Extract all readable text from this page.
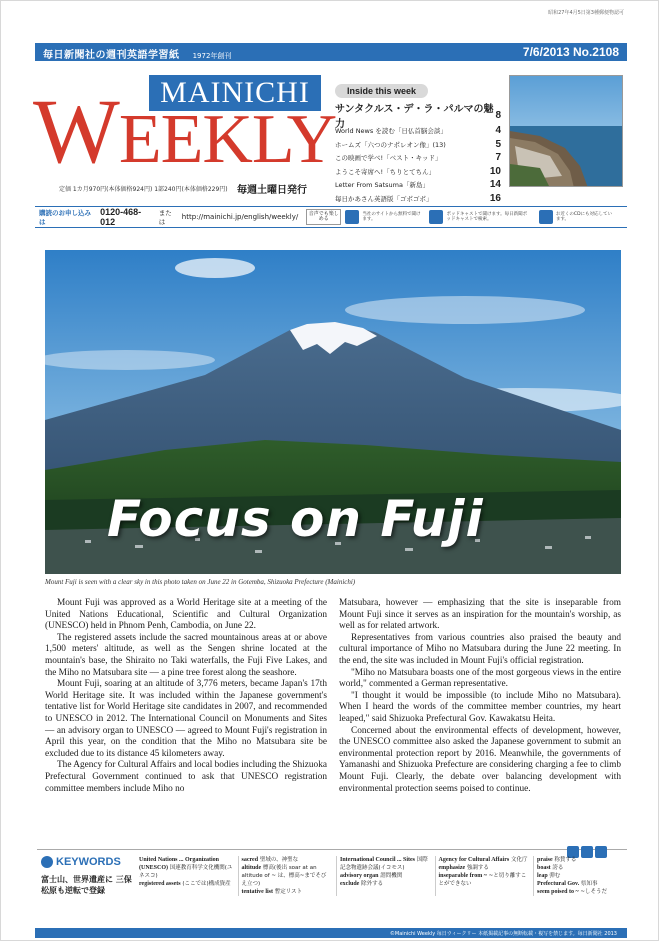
昭和27年4月5日第3種郵便物認可
毎日新聞社の週刊英語学習紙 1972年創刊	7/6/2013 No.2108
MAINICHI
WEEKLY
定価 1カ月970円(本体価格924円) 1部240円(本体価格229円) 毎週土曜日発行
Inside this week
サンタクルス・デ・ラ・パルマの魅力
8
World News を読む「日仏首脳会談」	4
ホームズ「六つのナポレオン像」(13)	5
この映画で学べ!「ベスト・キッド」	7
ようこそ寄席へ!「ちりとてちん」	10
Letter From Satsuma「新島」	14
毎日かあさん英語版「ゴボゴボ」	16
購読のお申し込みは
0120-468-012
または
http://mainichi.jp/english/weekly/	音声でも楽しめる
当社のサイトから無料で聞けます。
ポッドキャストで聞けます。毎日新聞ポッドキャストで検索。
お近くのCDにも対応しています。
Focus on Fuji
Mount Fuji is seen with a clear sky in this photo taken on June 22 in Gotemba, Shizuoka Prefecture (Mainichi)

Mount Fuji was approved as a World Heritage site at a meeting of the United Nations Educational, Scientific and Cultural Organization (UNESCO) held in Phnom Penh, Cambodia, on June 22.

The registered assets include the sacred mountainous areas at or above 1,500 meters' altitude, as well as the Sengen shrine located at the mountain's base, the Shiraito no Taki waterfalls, the Fuji Five Lakes, and the Miho no Matsubara site — a pine tree forest along the seashore.

Mount Fuji, soaring at an altitude of 3,776 meters, became Japan's 17th World Heritage site. It was included within the Japanese government's tentative list for World Heritage site candidates in 2007, and recommended to UNESCO in 2012. The International Council on Monuments and Sites — an advisory organ to UNESCO — agreed to Mount Fuji's registration in April this year, on the condition that the Miho no Matsubara site be excluded due to its distance 45 kilometers away.

The Agency for Cultural Affairs and local bodies including the Shizuoka Prefectural Government continued to ask that UNESCO registration committee members include Miho no

Matsubara, however — emphasizing that the site is inseparable from Mount Fuji since it serves as an inspiration for the mountain's worship, as well as for related artwork.

Representatives from various countries also praised the beauty and cultural importance of Miho no Matsubara during the June 22 meeting. In the end, the site was included in Mount Fuji's official registration.

"Miho no Matsubara boasts one of the most gorgeous views in the entire world," commented a German representative.

"I thought it would be impossible (to include Miho no Matsubara). When I heard the words of the committee member countries, my heart leaped," said Shizuoka Prefectural Gov. Kawakatsu Heita.

Concerned about the environmental effects of development, however, the UNESCO committee also asked the Japanese government to submit an environmental protection report by 2016. Meanwhile, the governments of Yamanashi and Shizuoka Prefecture are considering charging a fee to climb Mount Fuji. Clearly, the debate over balancing development with environmental protection seems poised to continue.

KEYWORDS
富士山、世界遺産に 三保松原も逆転で登録
United Nations ... Organization (UNESCO) 国連教育科学文化機関(ユネスコ)
registered assets (ここでは)構成資産
sacred 聖域の、神聖な
altitude 標高(後出 soar at an altitude of ~ は、標高~までそびえ立つ)
tentative list 暫定リスト
International Council ... Sites 国際記念物遺跡会議(イコモス)
advisory organ 諮問機関
exclude 除外する
Agency for Cultural Affairs 文化庁
emphasize 強調する
inseparable from ~ ~と切り離すことができない
praise 称賛する
boast 誇る
leap 弾む
Prefectural Gov. 県知事
seem poised to ~ ~しそうだ
©Mainichi Weekly 毎日ウィークリー 本紙掲載記事の無断転載・複写を禁じます。毎日新聞社 2013
